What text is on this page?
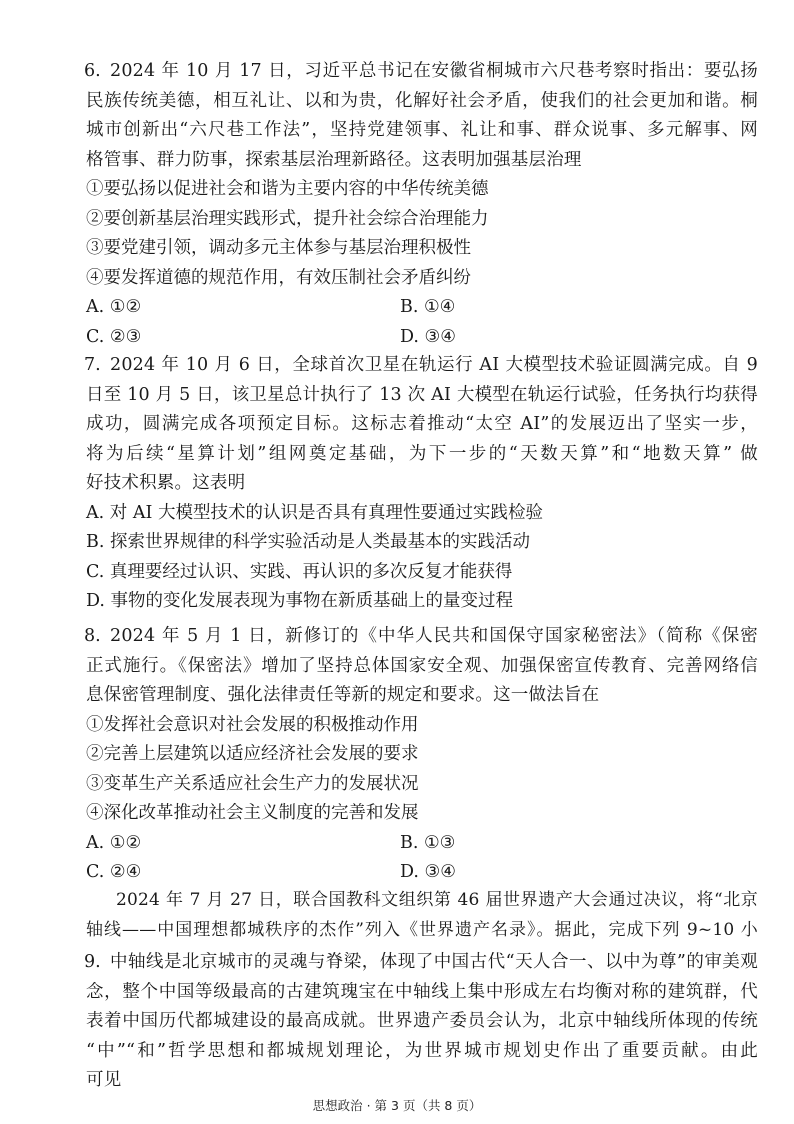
6. 2024 年 10 月 17 日，习近平总书记在安徽省桐城市六尺巷考察时指出：要弘扬
民族传统美德，相互礼让、以和为贵，化解好社会矛盾，使我们的社会更加和谐。桐
城市创新出“六尺巷工作法”，坚持党建领事、礼让和事、群众说事、多元解事、网
格管事、群力防事，探索基层治理新路径。这表明加强基层治理
①要弘扬以促进社会和谐为主要内容的中华传统美德
②要创新基层治理实践形式，提升社会综合治理能力
③要党建引领，调动多元主体参与基层治理积极性
④要发挥道德的规范作用，有效压制社会矛盾纠纷
A. ①②	B. ①④
C. ②③	D. ③④
7. 2024 年 10 月 6 日，全球首次卫星在轨运行 AI 大模型技术验证圆满完成。自 9
日至 10 月 5 日，该卫星总计执行了 13 次 AI 大模型在轨运行试验，任务执行均获得
成功，圆满完成各项预定目标。这标志着推动“太空 AI”的发展迈出了坚实一步，
将为后续“星算计划”组网奠定基础，为下一步的“天数天算”和“地数天算” 做
好技术积累。这表明
A. 对 AI 大模型技术的认识是否具有真理性要通过实践检验
B. 探索世界规律的科学实验活动是人类最基本的实践活动
C. 真理要经过认识、实践、再认识的多次反复才能获得
D. 事物的变化发展表现为事物在新质基础上的量变过程
8. 2024 年 5 月 1 日，新修订的《中华人民共和国保守国家秘密法》（简称《保密
正式施行。《保密法》增加了坚持总体国家安全观、加强保密宣传教育、完善网络信
息保密管理制度、强化法律责任等新的规定和要求。这一做法旨在
①发挥社会意识对社会发展的积极推动作用
②完善上层建筑以适应经济社会发展的要求
③变革生产关系适应社会生产力的发展状况
④深化改革推动社会主义制度的完善和发展
A. ①②	B. ①③
C. ②④	D. ③④
2024 年 7 月 27 日，联合国教科文组织第 46 届世界遗产大会通过决议，将“北京
轴线——中国理想都城秩序的杰作”列入《世界遗产名录》。据此，完成下列 9~10 小
9. 中轴线是北京城市的灵魂与脊梁，体现了中国古代“天人合一、以中为尊”的审美观
念，整个中国等级最高的古建筑瑰宝在中轴线上集中形成左右均衡对称的建筑群，代
表着中国历代都城建设的最高成就。世界遗产委员会认为，北京中轴线所体现的传统
“中”“和”哲学思想和都城规划理论，为世界城市规划史作出了重要贡献。由此
可见
思想政治 · 第 3 页（共 8 页）
